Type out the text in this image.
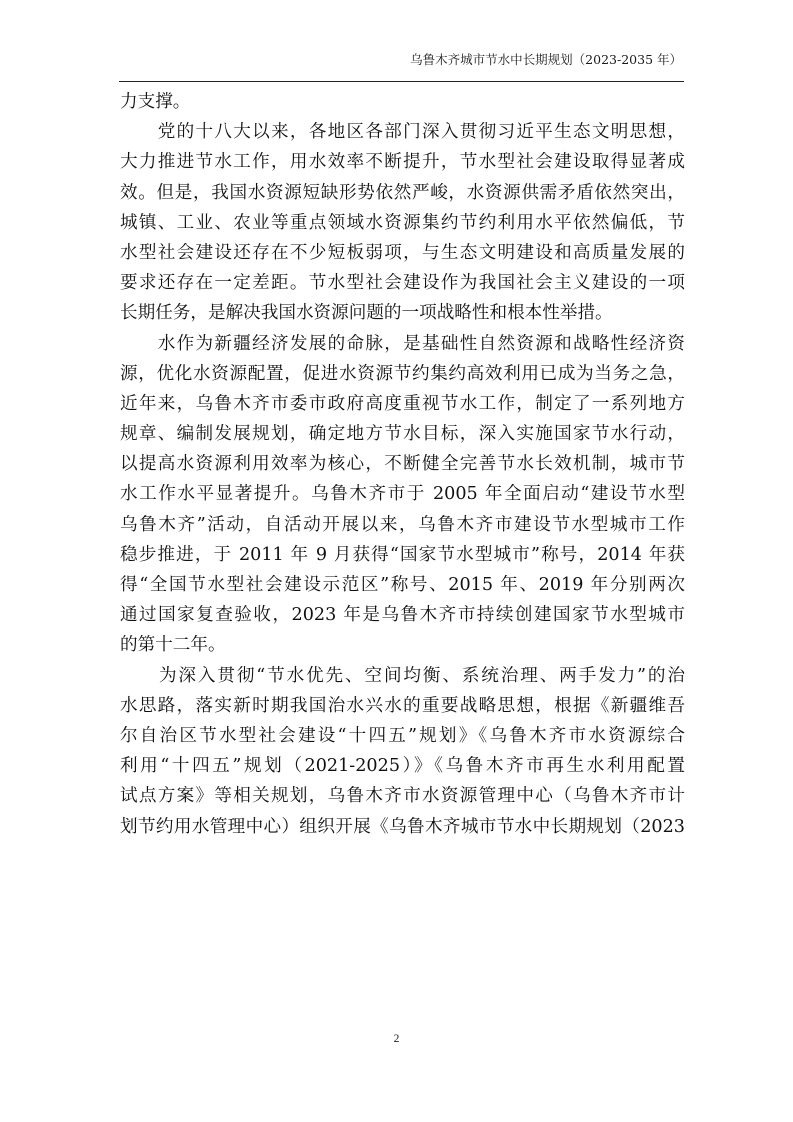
乌鲁木齐城市节水中长期规划（2023-2035 年）
力支撑。
　　党的十八大以来，各地区各部门深入贯彻习近平生态文明思想，
大力推进节水工作，用水效率不断提升，节水型社会建设取得显著成
效。但是，我国水资源短缺形势依然严峻，水资源供需矛盾依然突出，
城镇、工业、农业等重点领域水资源集约节约利用水平依然偏低，节
水型社会建设还存在不少短板弱项，与生态文明建设和高质量发展的
要求还存在一定差距。节水型社会建设作为我国社会主义建设的一项
长期任务，是解决我国水资源问题的一项战略性和根本性举措。
　　水作为新疆经济发展的命脉，是基础性自然资源和战略性经济资
源，优化水资源配置，促进水资源节约集约高效利用已成为当务之急，
近年来，乌鲁木齐市委市政府高度重视节水工作，制定了一系列地方
规章、编制发展规划，确定地方节水目标，深入实施国家节水行动，
以提高水资源利用效率为核心，不断健全完善节水长效机制，城市节
水工作水平显著提升。乌鲁木齐市于 2005 年全面启动“建设节水型
乌鲁木齐”活动，自活动开展以来，乌鲁木齐市建设节水型城市工作
稳步推进，于 2011 年 9 月获得“国家节水型城市”称号，2014 年获
得“全国节水型社会建设示范区”称号、2015 年、2019 年分别两次
通过国家复查验收，2023 年是乌鲁木齐市持续创建国家节水型城市
的第十二年。
　　为深入贯彻“节水优先、空间均衡、系统治理、两手发力”的治
水思路，落实新时期我国治水兴水的重要战略思想，根据《新疆维吾
尔自治区节水型社会建设“十四五”规划》《乌鲁木齐市水资源综合
利用“十四五”规划（2021-2025）》《乌鲁木齐市再生水利用配置
试点方案》等相关规划，乌鲁木齐市水资源管理中心（乌鲁木齐市计
划节约用水管理中心）组织开展《乌鲁木齐城市节水中长期规划（2023
2
